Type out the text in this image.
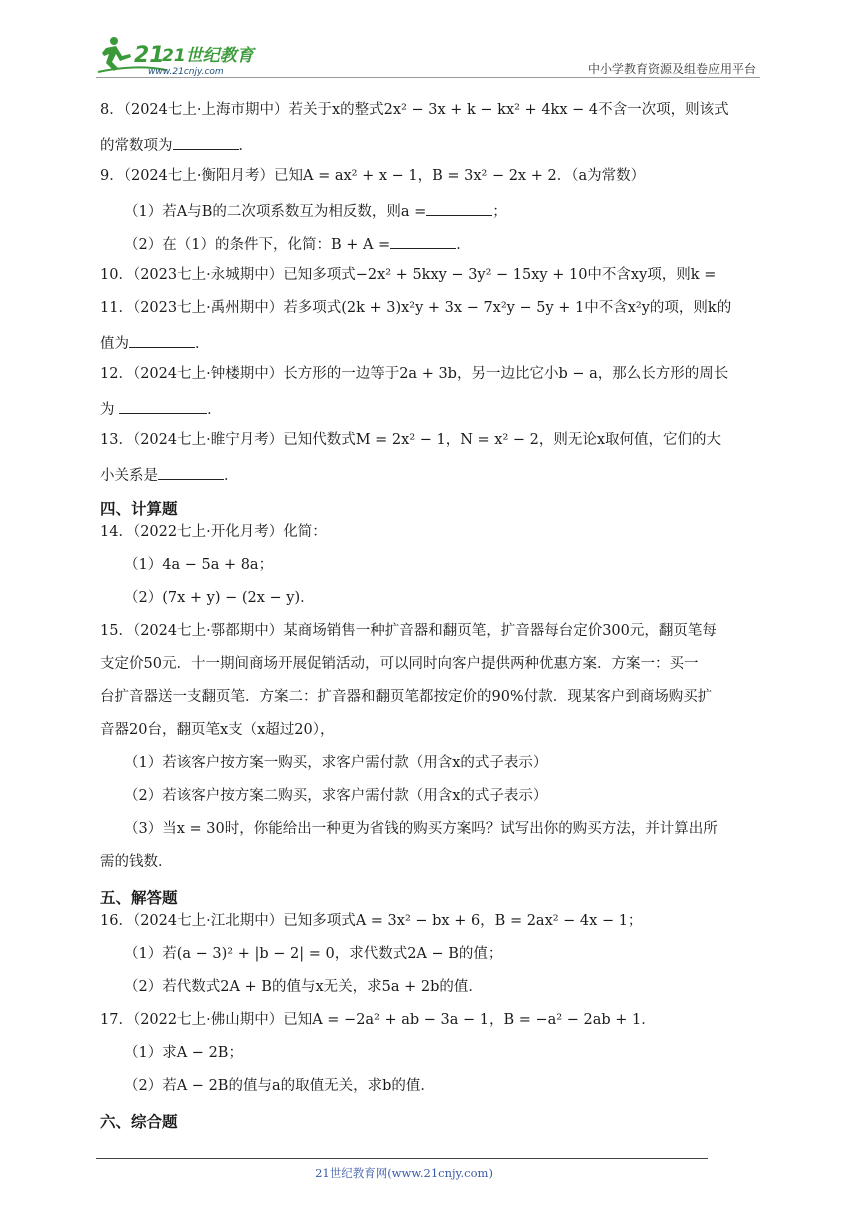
21
21世纪教育
www.21cnjy.com	中小学教育资源及组卷应用平台
8．（2024七上·上海市期中）若关于x的整式2x² − 3x + k − kx² + 4kx − 4不含一次项，则该式
的常数项为	．
9．（2024七上·衡阳月考）已知A = ax² + x − 1，B = 3x² − 2x + 2．（a为常数）
（1）若A与B的二次项系数互为相反数，则a =	；
（2）在（1）的条件下，化简：B + A =	．
10．（2023七上·永城期中）已知多项式−2x² + 5kxy − 3y² − 15xy + 10中不含xy项，则k =
11．（2023七上·禹州期中）若多项式(2k + 3)x²y + 3x − 7x²y − 5y + 1中不含x²y的项，则k的
值为	．
12．（2024七上·钟楼期中）长方形的一边等于2a + 3b，另一边比它小b − a，那么长方形的周长
为	．
13．（2024七上·睢宁月考）已知代数式M = 2x² − 1，N = x² − 2，则无论x取何值，它们的大
小关系是	．
四、计算题
14．（2022七上·开化月考）化简：
（1）4a − 5a + 8a；
（2）(7x + y) − (2x − y)．
15．（2024七上·鄠都期中）某商场销售一种扩音器和翻页笔，扩音器每台定价300元，翻页笔每
支定价50元．十一期间商场开展促销活动，可以同时向客户提供两种优惠方案．方案一：买一
台扩音器送一支翻页笔．方案二：扩音器和翻页笔都按定价的90%付款．现某客户到商场购买扩
音器20台，翻页笔x支（x超过20），
（1）若该客户按方案一购买，求客户需付款（用含x的式子表示）
（2）若该客户按方案二购买，求客户需付款（用含x的式子表示）
（3）当x = 30时，你能给出一种更为省钱的购买方案吗？试写出你的购买方法，并计算出所
需的钱数．
五、解答题
16．（2024七上·江北期中）已知多项式A = 3x² − bx + 6，B = 2ax² − 4x − 1；
（1）若(a − 3)² + |b − 2| = 0，求代数式2A − B的值；
（2）若代数式2A + B的值与x无关，求5a + 2b的值．
17．（2022七上·佛山期中）已知A = −2a² + ab − 3a − 1，B = −a² − 2ab + 1．
（1）求A − 2B；
（2）若A − 2B的值与a的取值无关，求b的值．
六、综合题
21世纪教育网(www.21cnjy.com)
